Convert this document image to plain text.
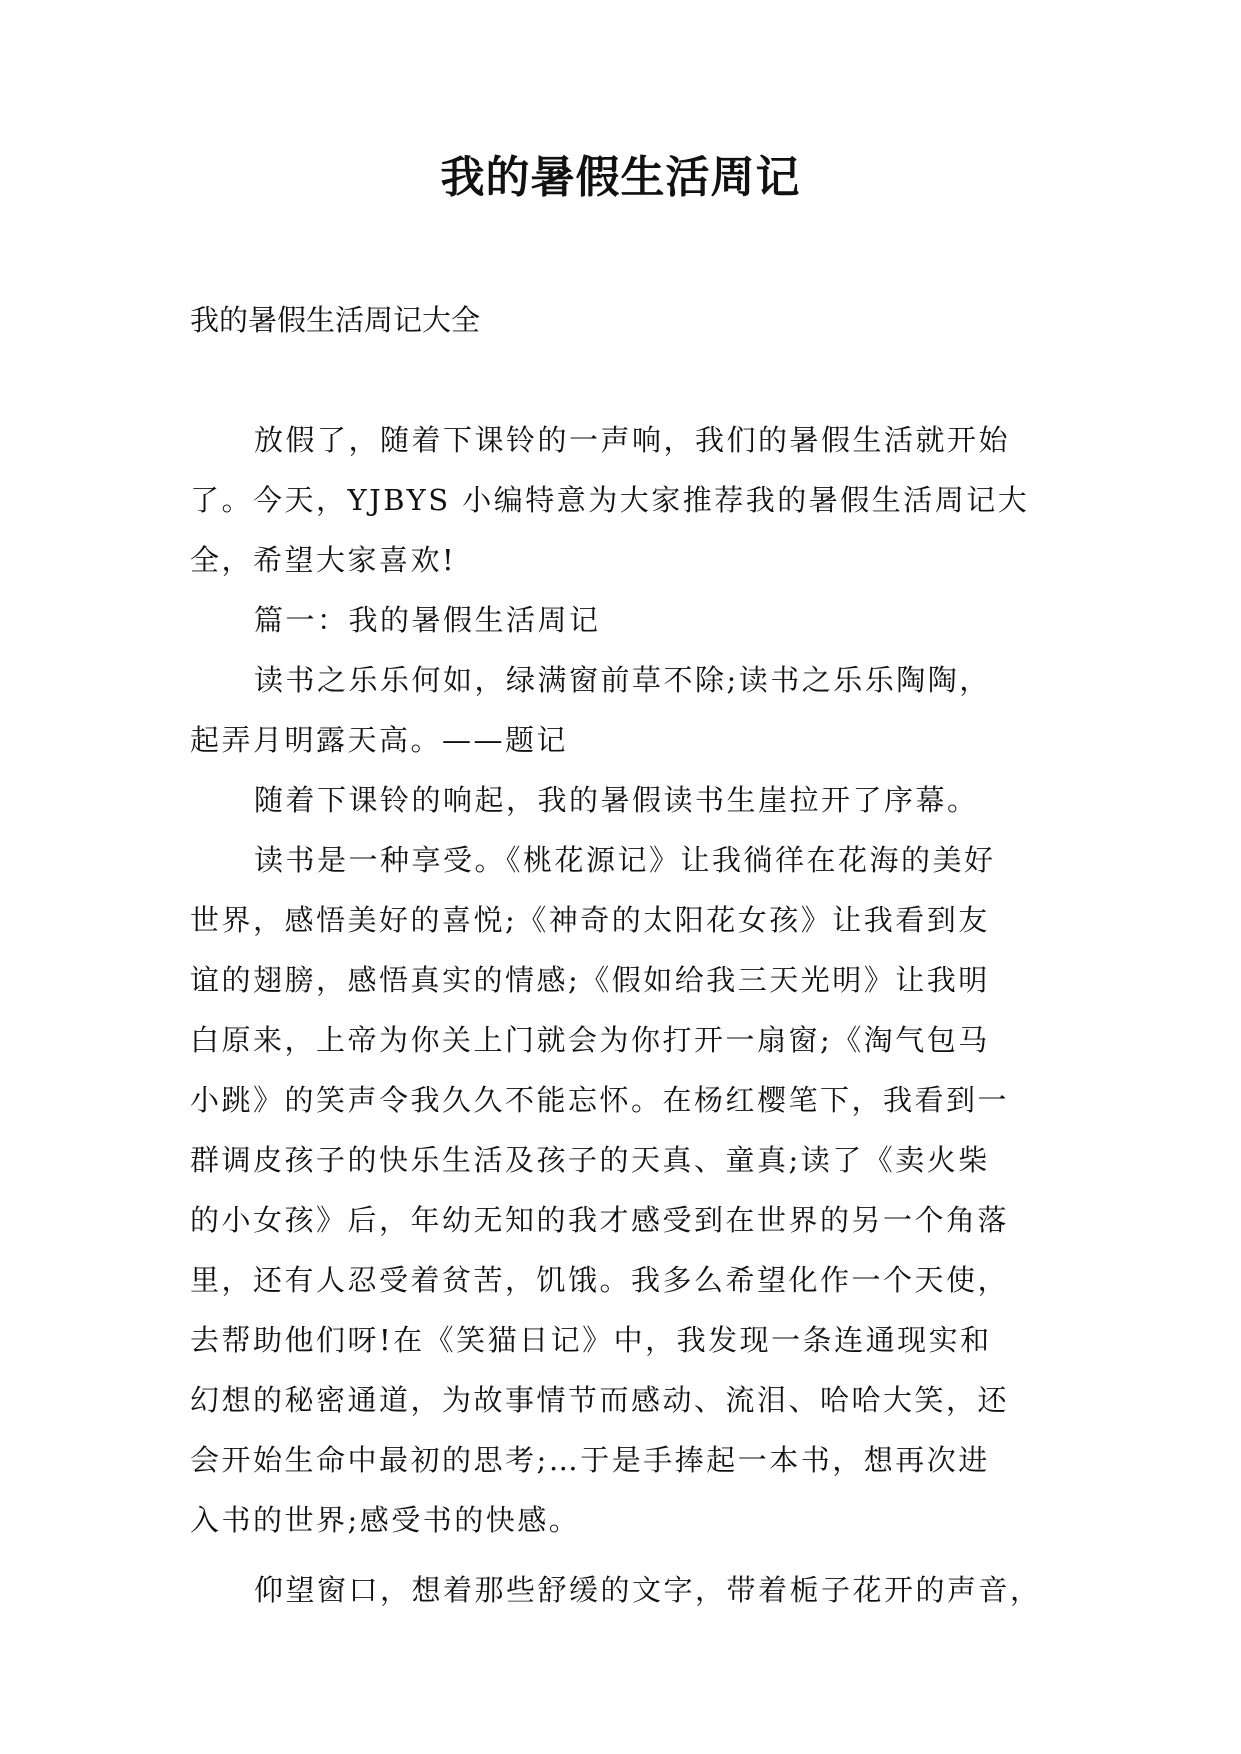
我的暑假生活周记
我的暑假生活周记大全
放假了，随着下课铃的一声响，我们的暑假生活就开始
了。今天，YJBYS 小编特意为大家推荐我的暑假生活周记大
全，希望大家喜欢!
篇一：我的暑假生活周记
读书之乐乐何如，绿满窗前草不除;读书之乐乐陶陶，
起弄月明露天高。——题记
随着下课铃的响起，我的暑假读书生崖拉开了序幕。
读书是一种享受。《桃花源记》让我徜徉在花海的美好
世界，感悟美好的喜悦;《神奇的太阳花女孩》让我看到友
谊的翅膀，感悟真实的情感;《假如给我三天光明》让我明
白原来，上帝为你关上门就会为你打开一扇窗;《淘气包马
小跳》的笑声令我久久不能忘怀。在杨红樱笔下，我看到一
群调皮孩子的快乐生活及孩子的天真、童真;读了《卖火柴
的小女孩》后，年幼无知的我才感受到在世界的另一个角落
里，还有人忍受着贫苦，饥饿。我多么希望化作一个天使，
去帮助他们呀!在《笑猫日记》中，我发现一条连通现实和
幻想的秘密通道，为故事情节而感动、流泪、哈哈大笑，还
会开始生命中最初的思考;…于是手捧起一本书，想再次进
入书的世界;感受书的快感。
仰望窗口，想着那些舒缓的文字，带着栀子花开的声音，
